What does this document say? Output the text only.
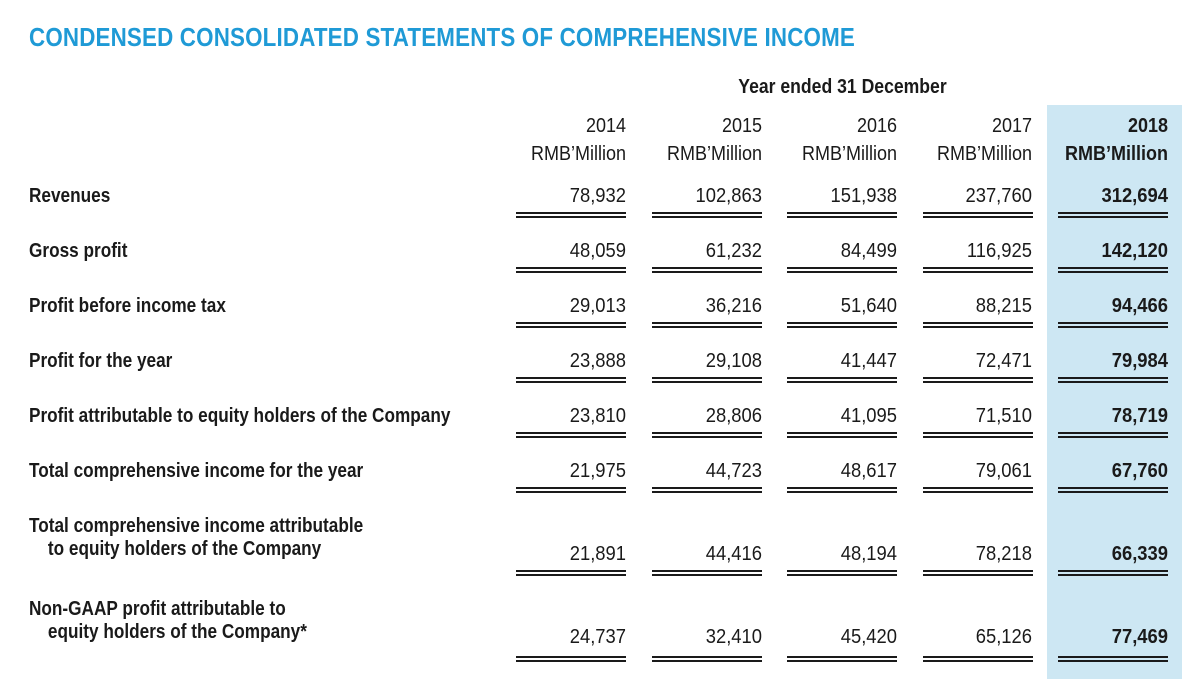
CONDENSED CONSOLIDATED STATEMENTS OF COMPREHENSIVE INCOME
Year ended 31 December
2014	2015	2016	2017	2018
RMB’Million	RMB’Million	RMB’Million	RMB’Million	RMB’Million
Revenues	78,932	102,863	151,938	237,760	312,694
Gross profit	48,059	61,232	84,499	116,925	142,120
Profit before income tax	29,013	36,216	51,640	88,215	94,466
Profit for the year	23,888	29,108	41,447	72,471	79,984
Profit attributable to equity holders of the Company	23,810	28,806	41,095	71,510	78,719
Total comprehensive income for the year	21,975	44,723	48,617	79,061	67,760
Total comprehensive income attributable
to equity holders of the Company	21,891	44,416	48,194	78,218	66,339
Non-GAAP profit attributable to
equity holders of the Company*	24,737	32,410	45,420	65,126	77,469
